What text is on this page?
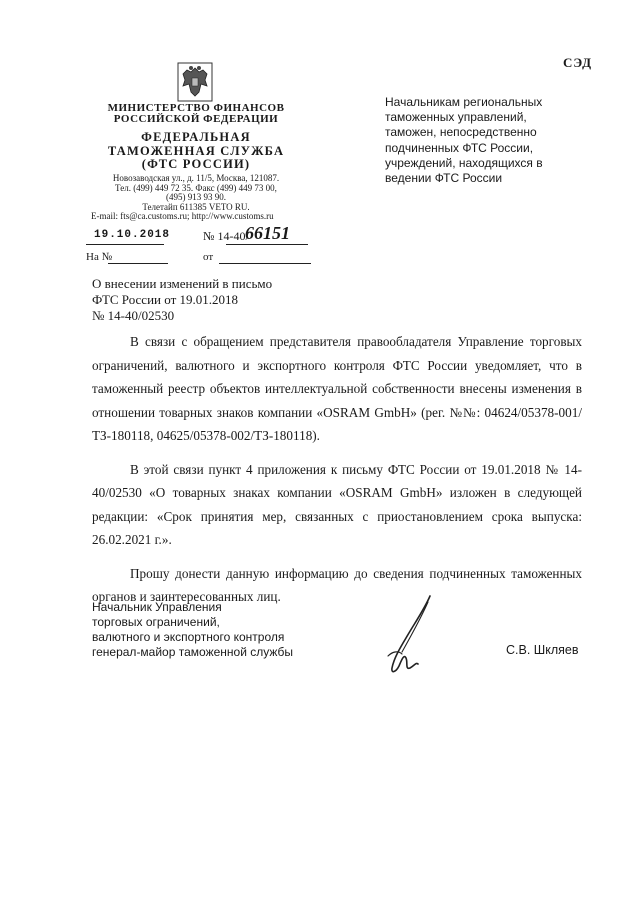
СЭД
МИНИСТЕРСТВО ФИНАНСОВ
РОССИЙСКОЙ ФЕДЕРАЦИИ
ФЕДЕРАЛЬНАЯ
ТАМОЖЕННАЯ СЛУЖБА
(ФТС РОССИИ)
Новозаводская ул., д. 11/5, Москва, 121087.
Тел. (499) 449 72 35. Факс (499) 449 73 00,
(495) 913 93 90.
Телетайп 611385 VETO RU.
E-mail: fts@ca.customs.ru; http://www.customs.ru
Начальникам региональных
таможенных управлений,
таможен, непосредственно
подчиненных ФТС России,
учреждений, находящихся в
ведении ФТС России
19.10.2018	№ 14-40/
66151
На №	от
О внесении изменений в письмо
ФТС России от 19.01.2018
№ 14-40/02530

В связи с обращением представителя правообладателя Управление торговых ограничений, валютного и экспортного контроля ФТС России уведомляет, что в таможенный реестр объектов интеллектуальной собственности внесены изменения в отношении товарных знаков компании «OSRAM GmbH» (рег. №№: 04624/05378-001/ТЗ-180118, 04625/05378-002/ТЗ-180118).

В этой связи пункт 4 приложения к письму ФТС России от 19.01.2018 № 14-40/02530 «О товарных знаках компании «OSRAM GmbH» изложен в следующей редакции: «Срок принятия мер, связанных с приостановлением срока выпуска: 26.02.2021 г.».

Прошу донести данную информацию до сведения подчиненных таможенных органов и заинтересованных лиц.

Начальник Управления
торговых ограничений,
валютного и экспортного контроля
генерал-майор таможенной службы	С.В. Шкляев
